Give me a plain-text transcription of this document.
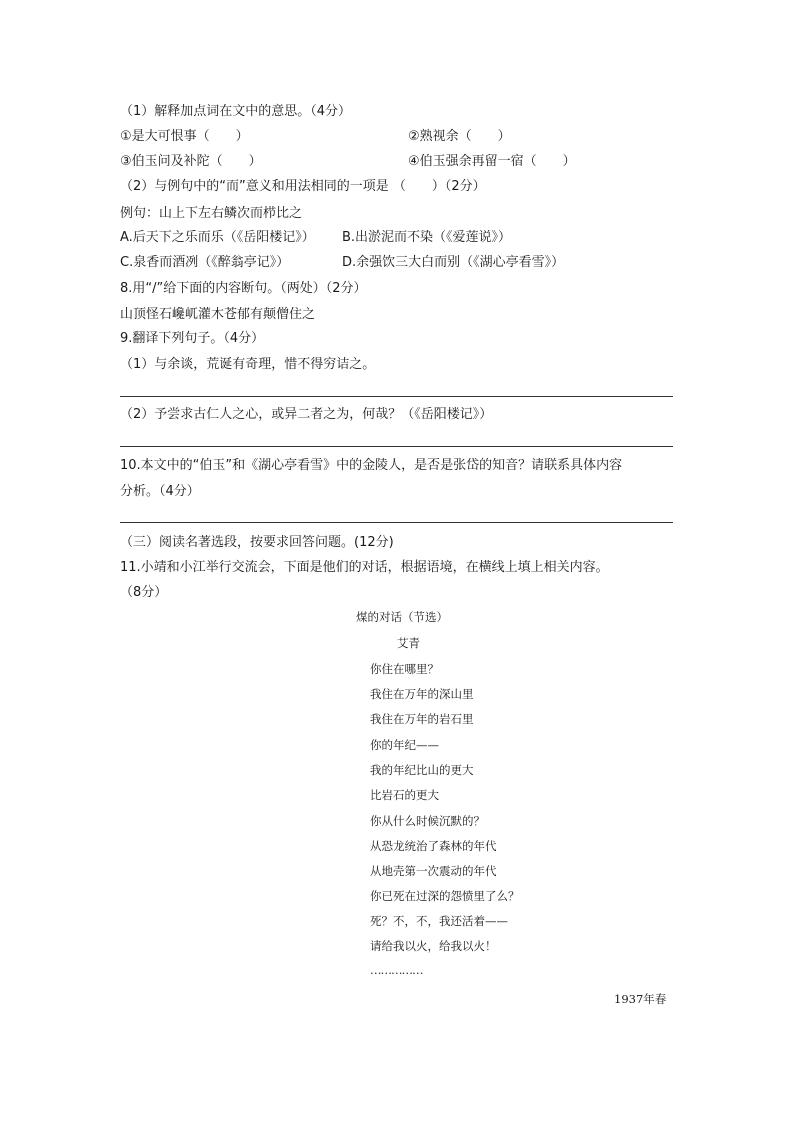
（1）解释加点词在文中的意思。（4分）
①是大可恨事（　　）	②熟视余（　　）
③伯玉问及补陀（　　）	④伯玉强余再留一宿（　　）
（2）与例句中的“而”意义和用法相同的一项是 （　　）（2分）
例句：山上下左右鳞次而栉比之
A.后天下之乐而乐（《岳阳楼记》） B.出淤泥而不染（《爱莲说》）
C.泉香而酒冽（《醉翁亭记》）	D.余强饮三大白而别（《湖心亭看雪》）
8.用“/”给下面的内容断句。（两处）（2分）
山顶怪石巉屼灌木苍郁有颠僧住之
9.翻译下列句子。（4分）
（1）与余谈，荒诞有奇理，惜不得穷诘之。
（2）予尝求古仁人之心，或异二者之为，何哉？（《岳阳楼记》）
10.本文中的“伯玉”和《湖心亭看雪》中的金陵人，是否是张岱的知音？请联系具体内容
分析。（4分）
（三）阅读名著选段，按要求回答问题。(12分)
11.小靖和小江举行交流会，下面是他们的对话，根据语境，在横线上填上相关内容。
（8分）
煤的对话（节选）
艾青
你住在哪里？
我住在万年的深山里
我住在万年的岩石里
你的年纪——
我的年纪比山的更大
比岩石的更大
你从什么时候沉默的？
从恐龙统治了森林的年代
从地壳第一次震动的年代
你已死在过深的怨愤里了么？
死？不，不，我还活着——
请给我以火，给我以火！
……………
1937年春
